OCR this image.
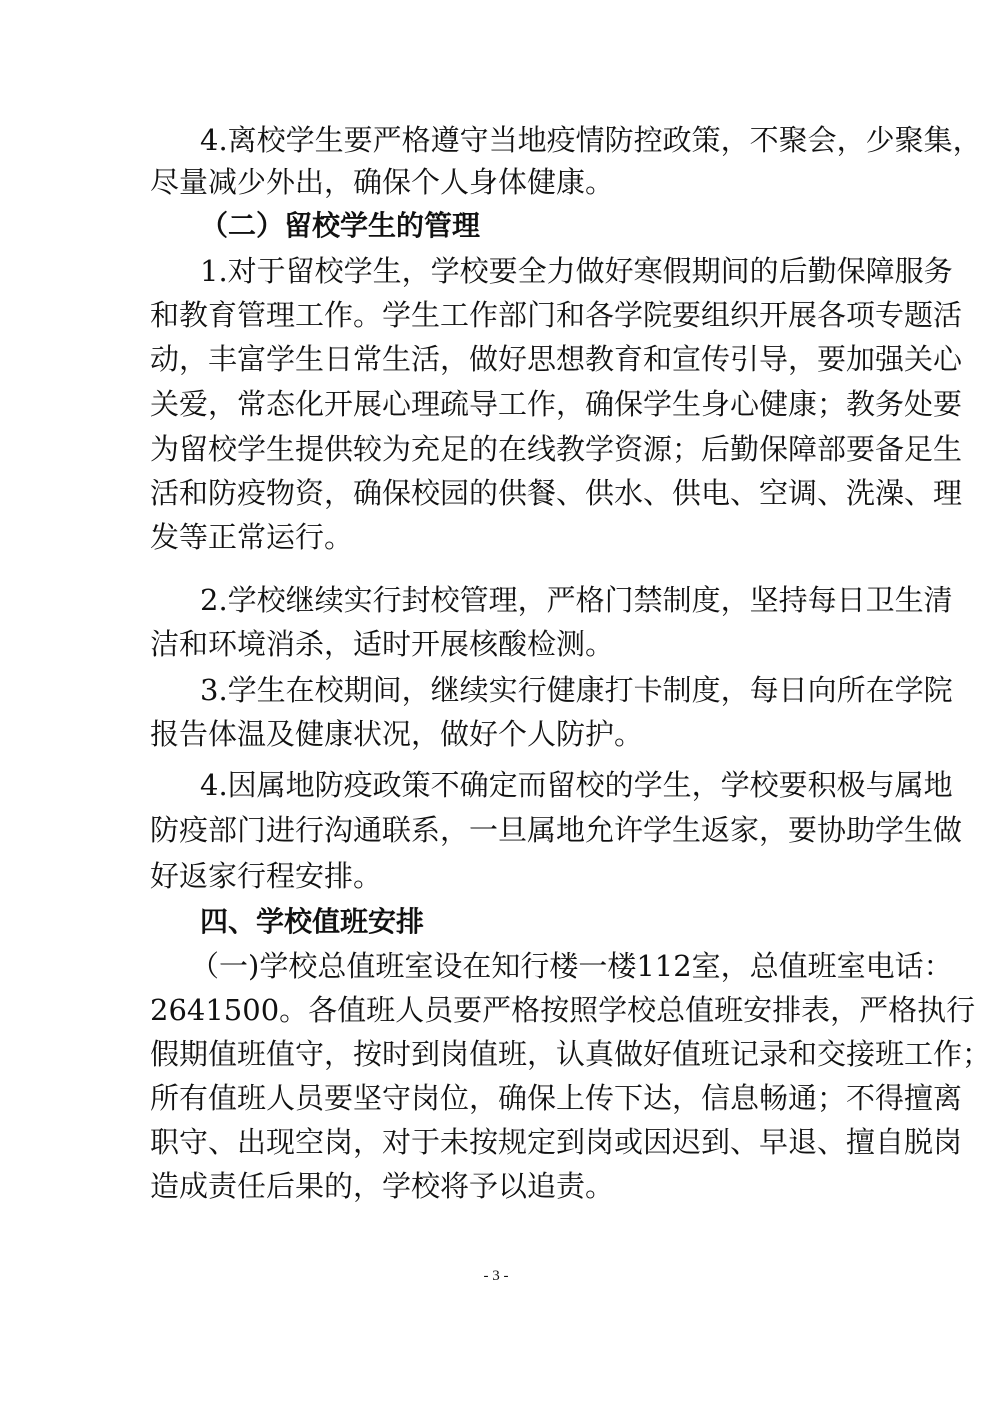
4.离校学生要严格遵守当地疫情防控政策，不聚会，少聚集，
尽量减少外出，确保个人身体健康。
（二）留校学生的管理
1.对于留校学生，学校要全力做好寒假期间的后勤保障服务
和教育管理工作。学生工作部门和各学院要组织开展各项专题活
动，丰富学生日常生活，做好思想教育和宣传引导，要加强关心
关爱，常态化开展心理疏导工作，确保学生身心健康；教务处要
为留校学生提供较为充足的在线教学资源；后勤保障部要备足生
活和防疫物资，确保校园的供餐、供水、供电、空调、洗澡、理
发等正常运行。
2.学校继续实行封校管理，严格门禁制度，坚持每日卫生清
洁和环境消杀，适时开展核酸检测。
3.学生在校期间，继续实行健康打卡制度，每日向所在学院
报告体温及健康状况，做好个人防护。
4.因属地防疫政策不确定而留校的学生，学校要积极与属地
防疫部门进行沟通联系，一旦属地允许学生返家，要协助学生做
好返家行程安排。
四、学校值班安排
（一)学校总值班室设在知行楼一楼112室，总值班室电话：
2641500。各值班人员要严格按照学校总值班安排表，严格执行
假期值班值守，按时到岗值班，认真做好值班记录和交接班工作；
所有值班人员要坚守岗位，确保上传下达，信息畅通；不得擅离
职守、出现空岗，对于未按规定到岗或因迟到、早退、擅自脱岗
造成责任后果的，学校将予以追责。
- 3 -
